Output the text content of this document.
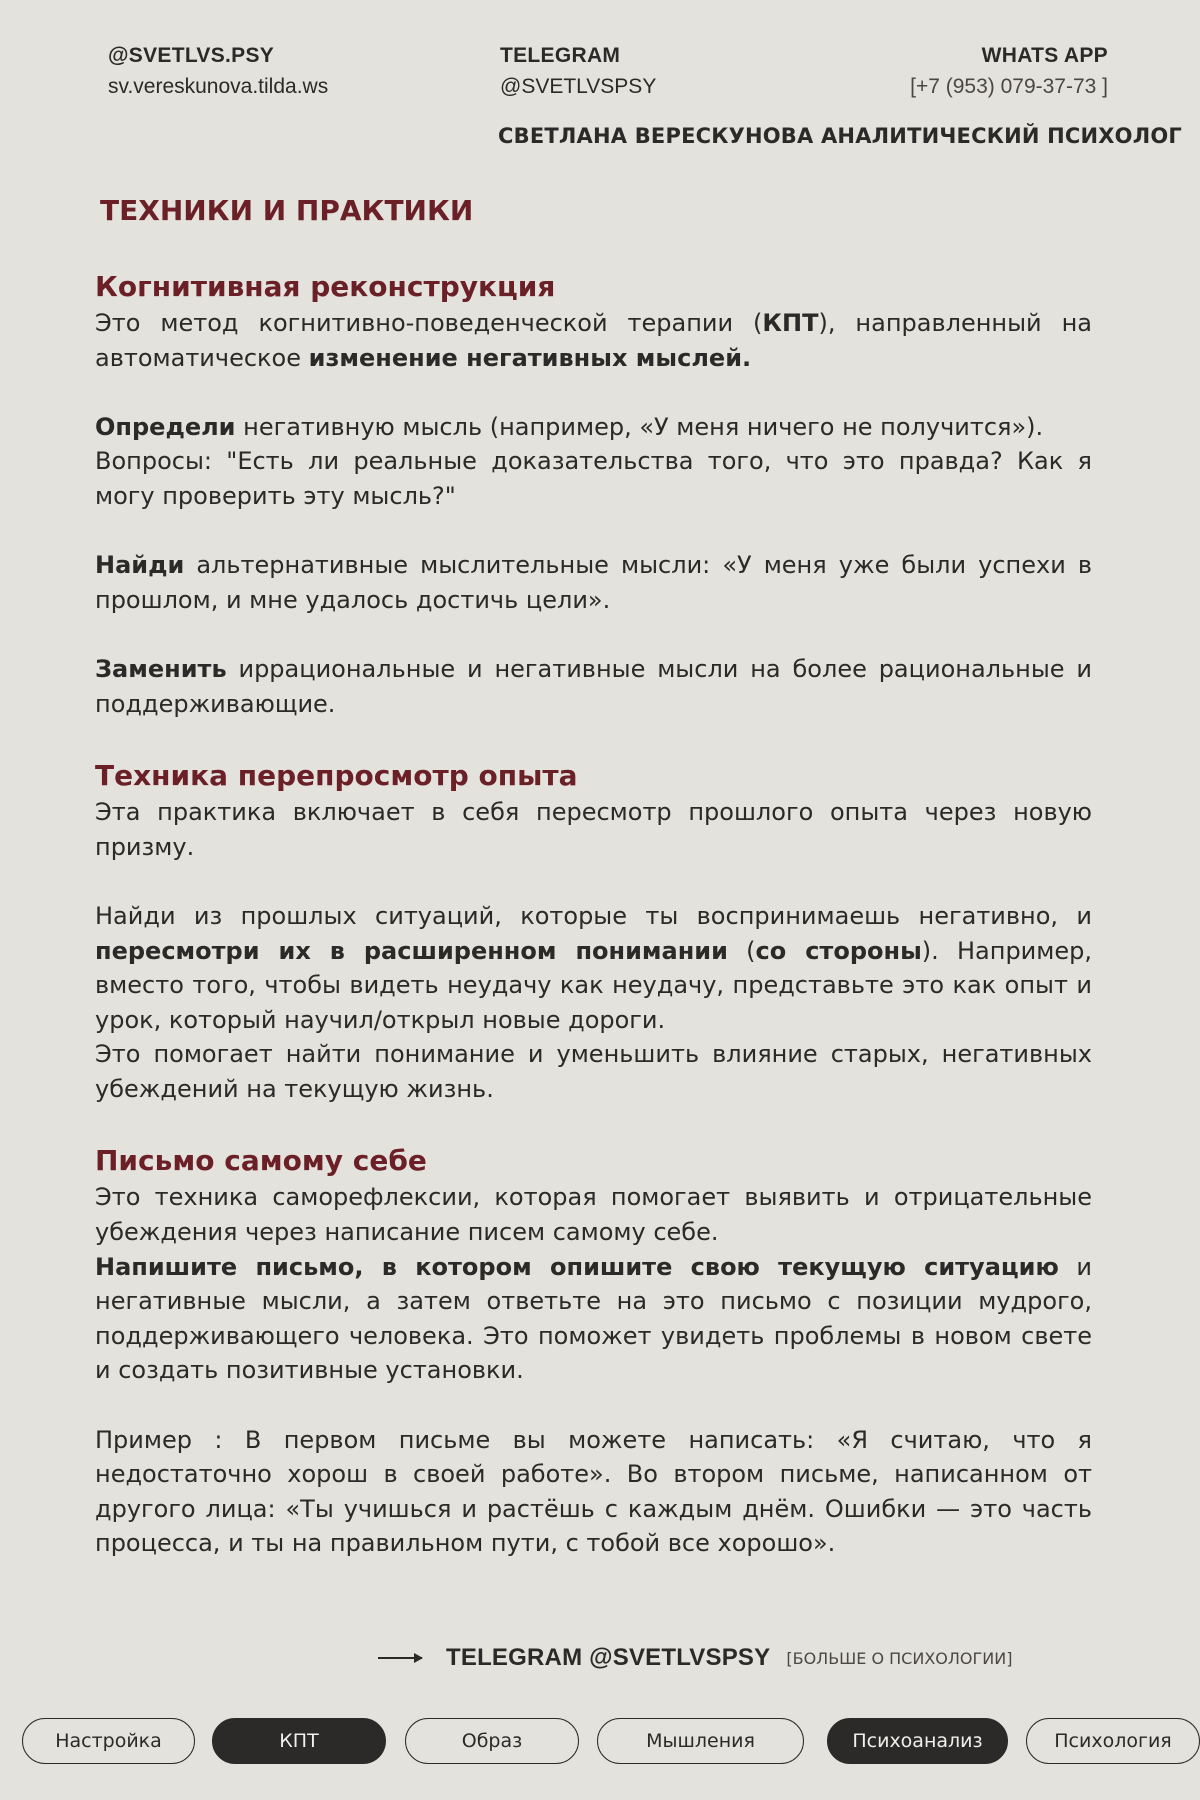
@SVETLVS.PSY
sv.vereskunova.tilda.ws
TELEGRAM
@SVETLVSPSY
WHATS APP
[+7 (953) 079-37-73 ]
СВЕТЛАНА ВЕРЕСКУНОВА АНАЛИТИЧЕСКИЙ ПСИХОЛОГ
ТЕХНИКИ И ПРАКТИКИ
Когнитивная реконструкция

Это метод когнитивно-поведенческой терапии (КПТ), направленный на автоматическое изменение негативных мыслей.

Определи негативную мысль (например, «У меня ничего не получится»).

Вопросы: "Есть ли реальные доказательства того, что это правда? Как я могу проверить эту мысль?"

Найди альтернативные мыслительные мысли: «У меня уже были успехи в прошлом, и мне удалось достичь цели».

Заменить иррациональные и негативные мысли на более рациональные и поддерживающие.

Техника перепросмотр опыта

Эта практика включает в себя пересмотр прошлого опыта через новую призму.

Найди из прошлых ситуаций, которые ты воспринимаешь негативно, и пересмотри их в расширенном понимании (со стороны). Например, вместо того, чтобы видеть неудачу как неудачу, представьте это как опыт и урок, который научил/открыл новые дороги.

Это помогает найти понимание и уменьшить влияние старых, негативных убеждений на текущую жизнь.

Письмо самому себе

Это техника саморефлексии, которая помогает выявить и отрицательные убеждения через написание писем самому себе.

Напишите письмо, в котором опишите свою текущую ситуацию и негативные мысли, а затем ответьте на это письмо с позиции мудрого, поддерживающего человека. Это поможет увидеть проблемы в новом свете и создать позитивные установки.

Пример : В первом письме вы можете написать: «Я считаю, что я недостаточно хорош в своей работе». Во втором письме, написанном от другого лица: «Ты учишься и растёшь с каждым днём. Ошибки — это часть процесса, и ты на правильном пути, с тобой все хорошо».

TELEGRAM @SVETLVSPSY [БОЛЬШЕ О ПСИХОЛОГИИ]
Настройка	КПТ	Образ	Мышления	Психоанализ	Психология
